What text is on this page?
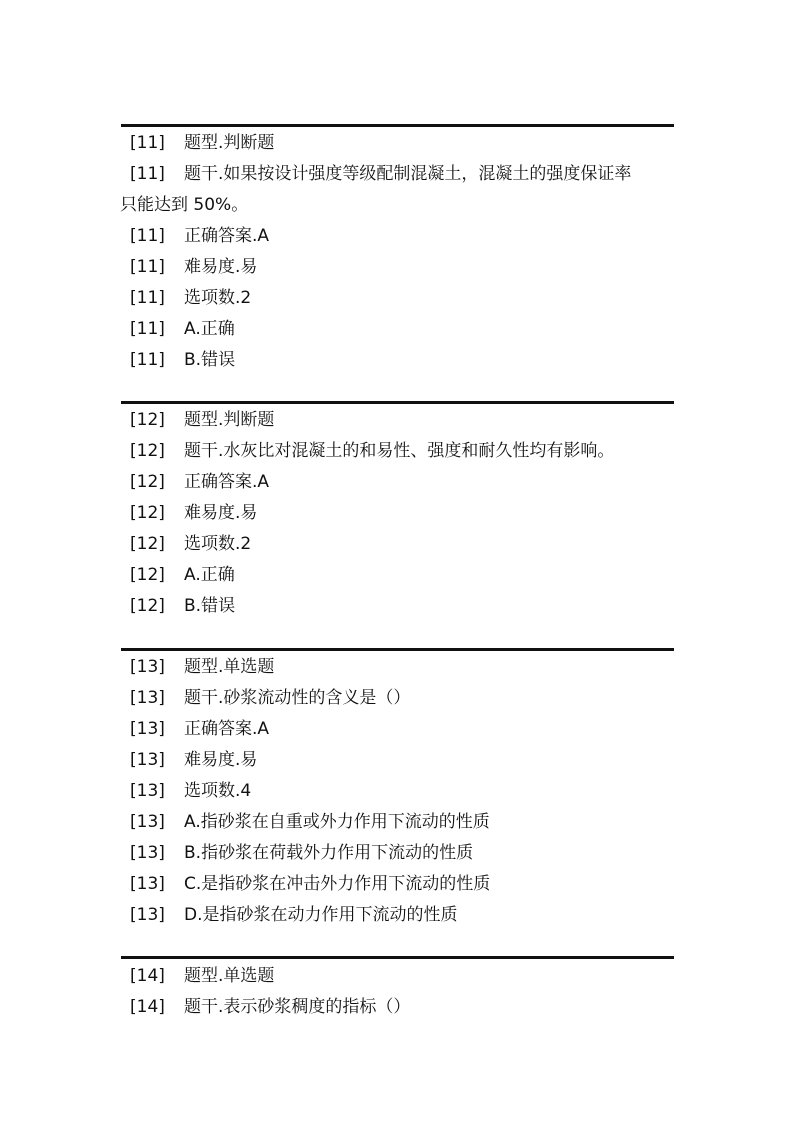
[11] 题型.判断题
[11] 题干.如果按设计强度等级配制混凝土，混凝土的强度保证率
只能达到 50%。
[11] 正确答案.A
[11] 难易度.易
[11] 选项数.2
[11] A.正确
[11] B.错误
[12] 题型.判断题
[12] 题干.水灰比对混凝土的和易性、强度和耐久性均有影响。
[12] 正确答案.A
[12] 难易度.易
[12] 选项数.2
[12] A.正确
[12] B.错误
[13] 题型.单选题
[13] 题干.砂浆流动性的含义是（）
[13] 正确答案.A
[13] 难易度.易
[13] 选项数.4
[13] A.指砂浆在自重或外力作用下流动的性质
[13] B.指砂浆在荷载外力作用下流动的性质
[13] C.是指砂浆在冲击外力作用下流动的性质
[13] D.是指砂浆在动力作用下流动的性质
[14] 题型.单选题
[14] 题干.表示砂浆稠度的指标（）
